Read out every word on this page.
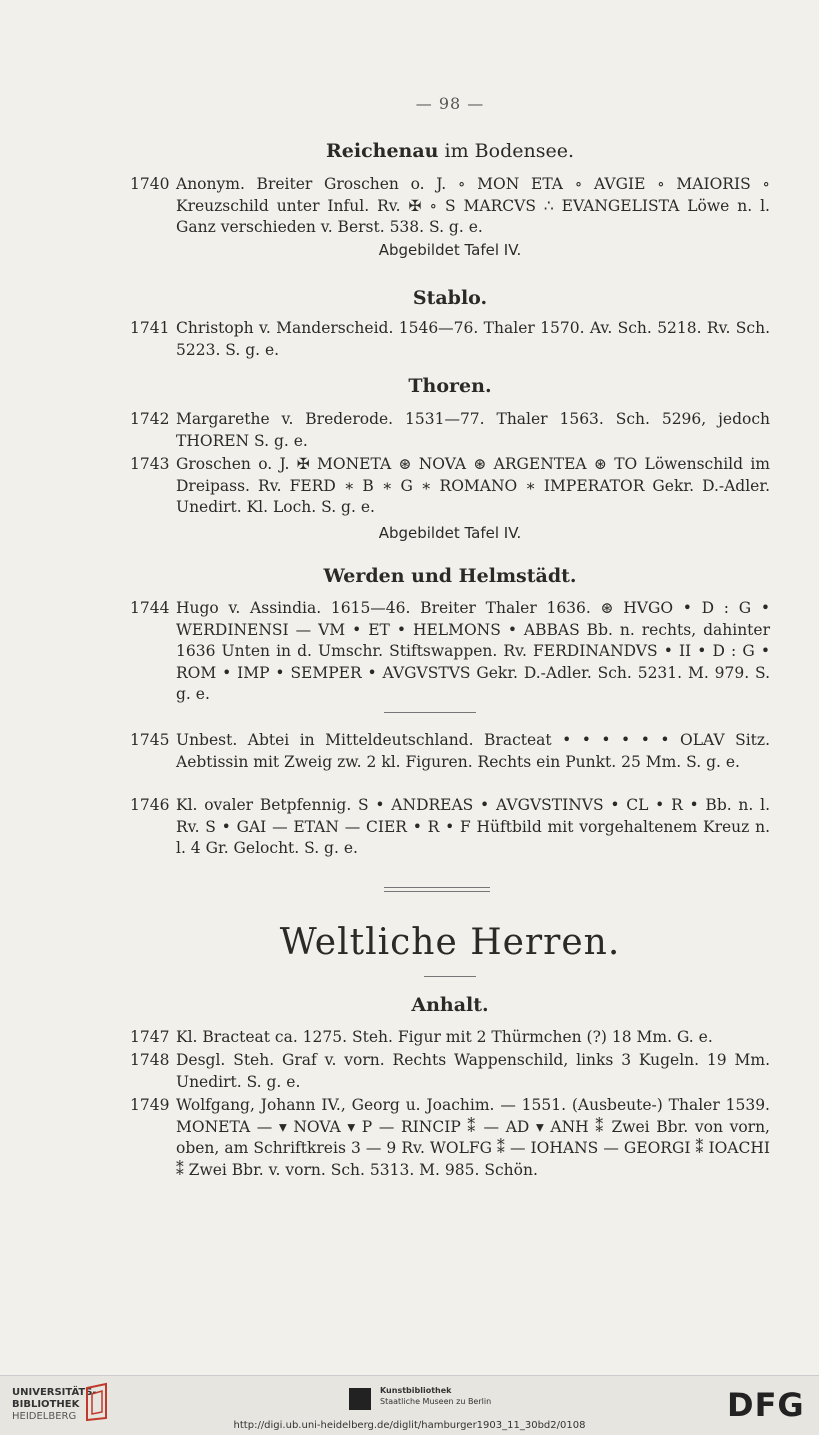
— 98 —
Reichenau im Bodensee.
1740 Anonym. Breiter Groschen o. J. ∘ MON ETA ∘ AVGIE ∘ MAIORIS ∘ Kreuzschild unter Inful. Rv. ✠ ∘ S MARCVS ∴ EVANGELISTA Löwe n. l. Ganz verschieden v. Berst. 538. S. g. e.
Abgebildet Tafel IV.
Stablo.
1741 Christoph v. Manderscheid. 1546—76. Thaler 1570. Av. Sch. 5218. Rv. Sch. 5223. S. g. e.
Thoren.
1742 Margarethe v. Brederode. 1531—77. Thaler 1563. Sch. 5296, jedoch THOREN S. g. e.
1743 Groschen o. J. ✠ MONETA ⊛ NOVA ⊛ ARGENTEA ⊛ TO Löwenschild im Dreipass. Rv. FERD ∗ B ∗ G ∗ ROMANO ∗ IMPERATOR Gekr. D.-Adler. Unedirt. Kl. Loch. S. g. e.
Abgebildet Tafel IV.
Werden und Helmstädt.
1744 Hugo v. Assindia. 1615—46. Breiter Thaler 1636. ⊛ HVGO • D : G • WERDINENSI — VM • ET • HELMONS • ABBAS Bb. n. rechts, dahinter 1636 Unten in d. Umschr. Stiftswappen. Rv. FERDINANDVS • II • D : G • ROM • IMP • SEMPER • AVGVSTVS Gekr. D.-Adler. Sch. 5231. M. 979. S. g. e.
1745 Unbest. Abtei in Mitteldeutschland. Bracteat • • • • • • OLAV Sitz. Aebtissin mit Zweig zw. 2 kl. Figuren. Rechts ein Punkt. 25 Mm. S. g. e.
1746 Kl. ovaler Betpfennig. S • ANDREAS • AVGVSTINVS • CL • R • Bb. n. l. Rv. S • GAI — ETAN — CIER • R • F Hüftbild mit vorgehaltenem Kreuz n. l. 4 Gr. Gelocht. S. g. e.
Weltliche Herren.
Anhalt.
1747 Kl. Bracteat ca. 1275. Steh. Figur mit 2 Thürmchen (?) 18 Mm. G. e.
1748 Desgl. Steh. Graf v. vorn. Rechts Wappenschild, links 3 Kugeln. 19 Mm. Unedirt. S. g. e.
1749 Wolfgang, Johann IV., Georg u. Joachim. — 1551. (Ausbeute-) Thaler 1539. MONETA — ▾ NOVA ▾ P — RINCIP ⁑ — AD ▾ ANH ⁑ Zwei Bbr. von vorn, oben, am Schriftkreis 3 — 9 Rv. WOLFG ⁑ — IOHANS — GEORGI ⁑ IOACHI ⁑ Zwei Bbr. v. vorn. Sch. 5313. M. 985. Schön.
UNIVERSITÄTS-
BIBLIOTHEK
HEIDELBERG
Kunstbibliothek
Staatliche Museen zu Berlin	DFG
http://digi.ub.uni-heidelberg.de/diglit/hamburger1903_11_30bd2/0108
